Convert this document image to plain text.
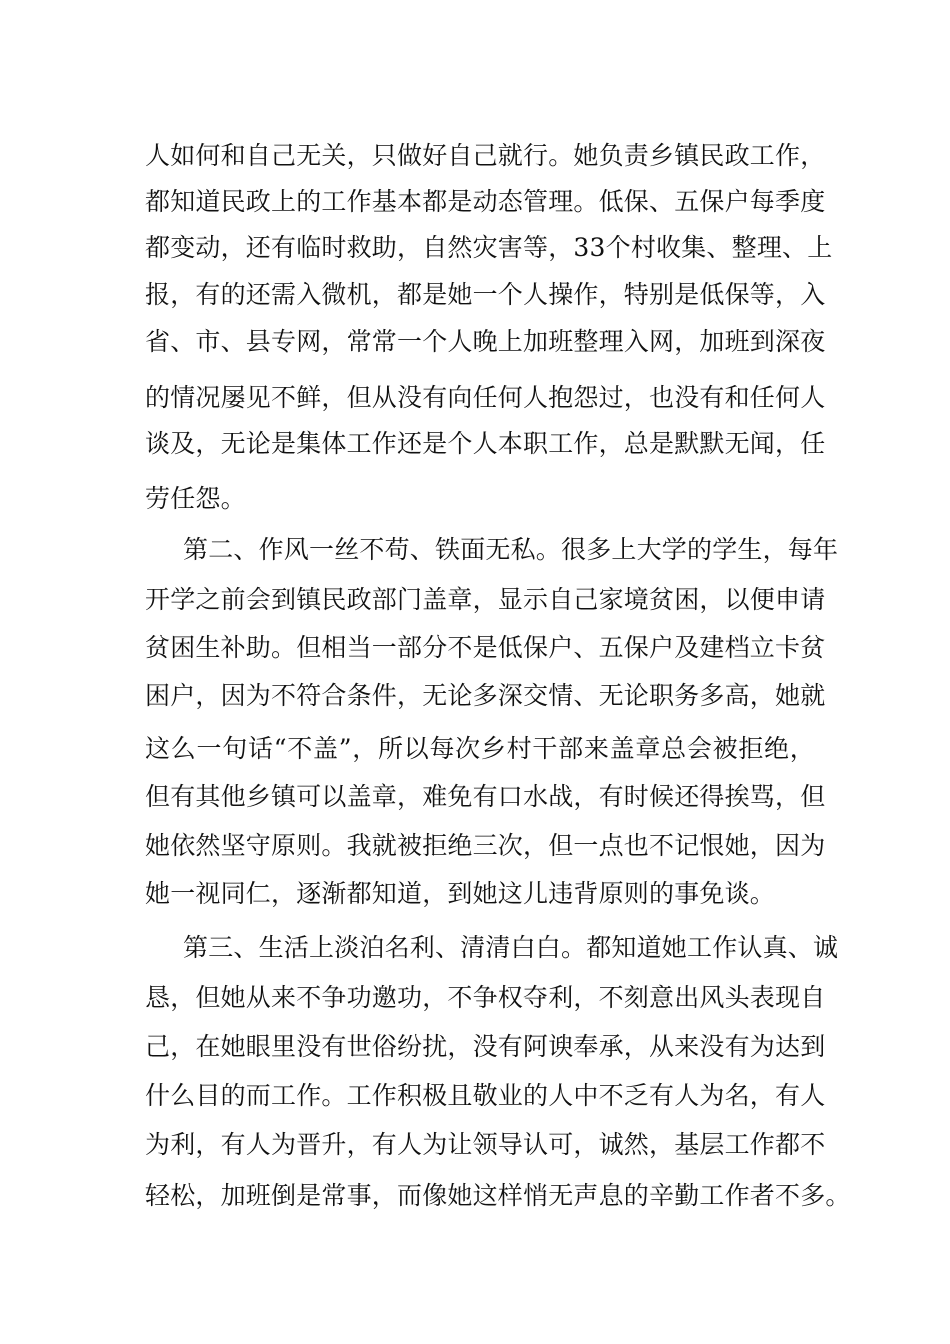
人如何和自己无关，只做好自己就行。她负责乡镇民政工作，
都知道民政上的工作基本都是动态管理。低保、五保户每季度
都变动，还有临时救助，自然灾害等，33个村收集、整理、上
报，有的还需入微机，都是她一个人操作，特别是低保等，入
省、市、县专网，常常一个人晚上加班整理入网，加班到深夜
的情况屡见不鲜，但从没有向任何人抱怨过，也没有和任何人
谈及，无论是集体工作还是个人本职工作，总是默默无闻，任
劳任怨。
第二、作风一丝不苟、铁面无私。很多上大学的学生，每年
开学之前会到镇民政部门盖章，显示自己家境贫困，以便申请
贫困生补助。但相当一部分不是低保户、五保户及建档立卡贫
困户，因为不符合条件，无论多深交情、无论职务多高，她就
这么一句话“不盖”，所以每次乡村干部来盖章总会被拒绝，
但有其他乡镇可以盖章，难免有口水战，有时候还得挨骂，但
她依然坚守原则。我就被拒绝三次，但一点也不记恨她，因为
她一视同仁，逐渐都知道，到她这儿违背原则的事免谈。
第三、生活上淡泊名利、清清白白。都知道她工作认真、诚
恳，但她从来不争功邀功，不争权夺利，不刻意出风头表现自
己，在她眼里没有世俗纷扰，没有阿谀奉承，从来没有为达到
什么目的而工作。工作积极且敬业的人中不乏有人为名，有人
为利，有人为晋升，有人为让领导认可，诚然，基层工作都不
轻松，加班倒是常事，而像她这样悄无声息的辛勤工作者不多。
